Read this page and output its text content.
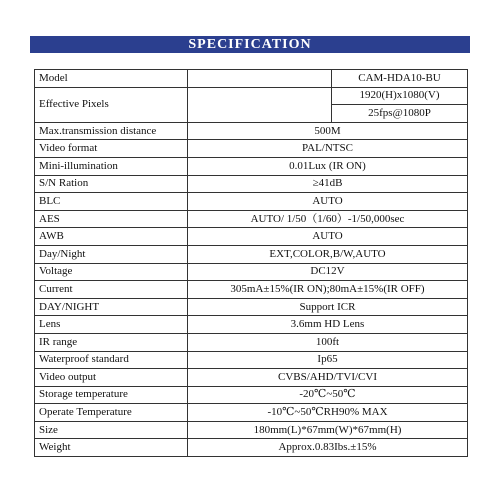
SPECIFICATION
Model		CAM-HDA10-BU
Effective Pixels		1920(H)x1080(V)
		25fps@1080P
Max.transmission distance	500M	
Video format	PAL/NTSC	
Mini-illumination	0.01Lux (IR ON)	
S/N Ration	≥41dB	
BLC	AUTO	
AES	AUTO/ 1/50（1/60）-1/50,000sec	
AWB	AUTO	
Day/Night	EXT,COLOR,B/W,AUTO	
Voltage	DC12V	
Current	305mA±15%(IR ON);80mA±15%(IR OFF)	
DAY/NIGHT	Support ICR	
Lens	3.6mm HD Lens	
IR range	100ft	
Waterproof standard	Ip65	
Video output	CVBS/AHD/TVI/CVI	
Storage temperature	-20℃~50℃	
Operate Temperature	-10℃~50℃RH90% MAX	
Size	180mm(L)*67mm(W)*67mm(H)	
Weight	Approx.0.83Ibs.±15%	
